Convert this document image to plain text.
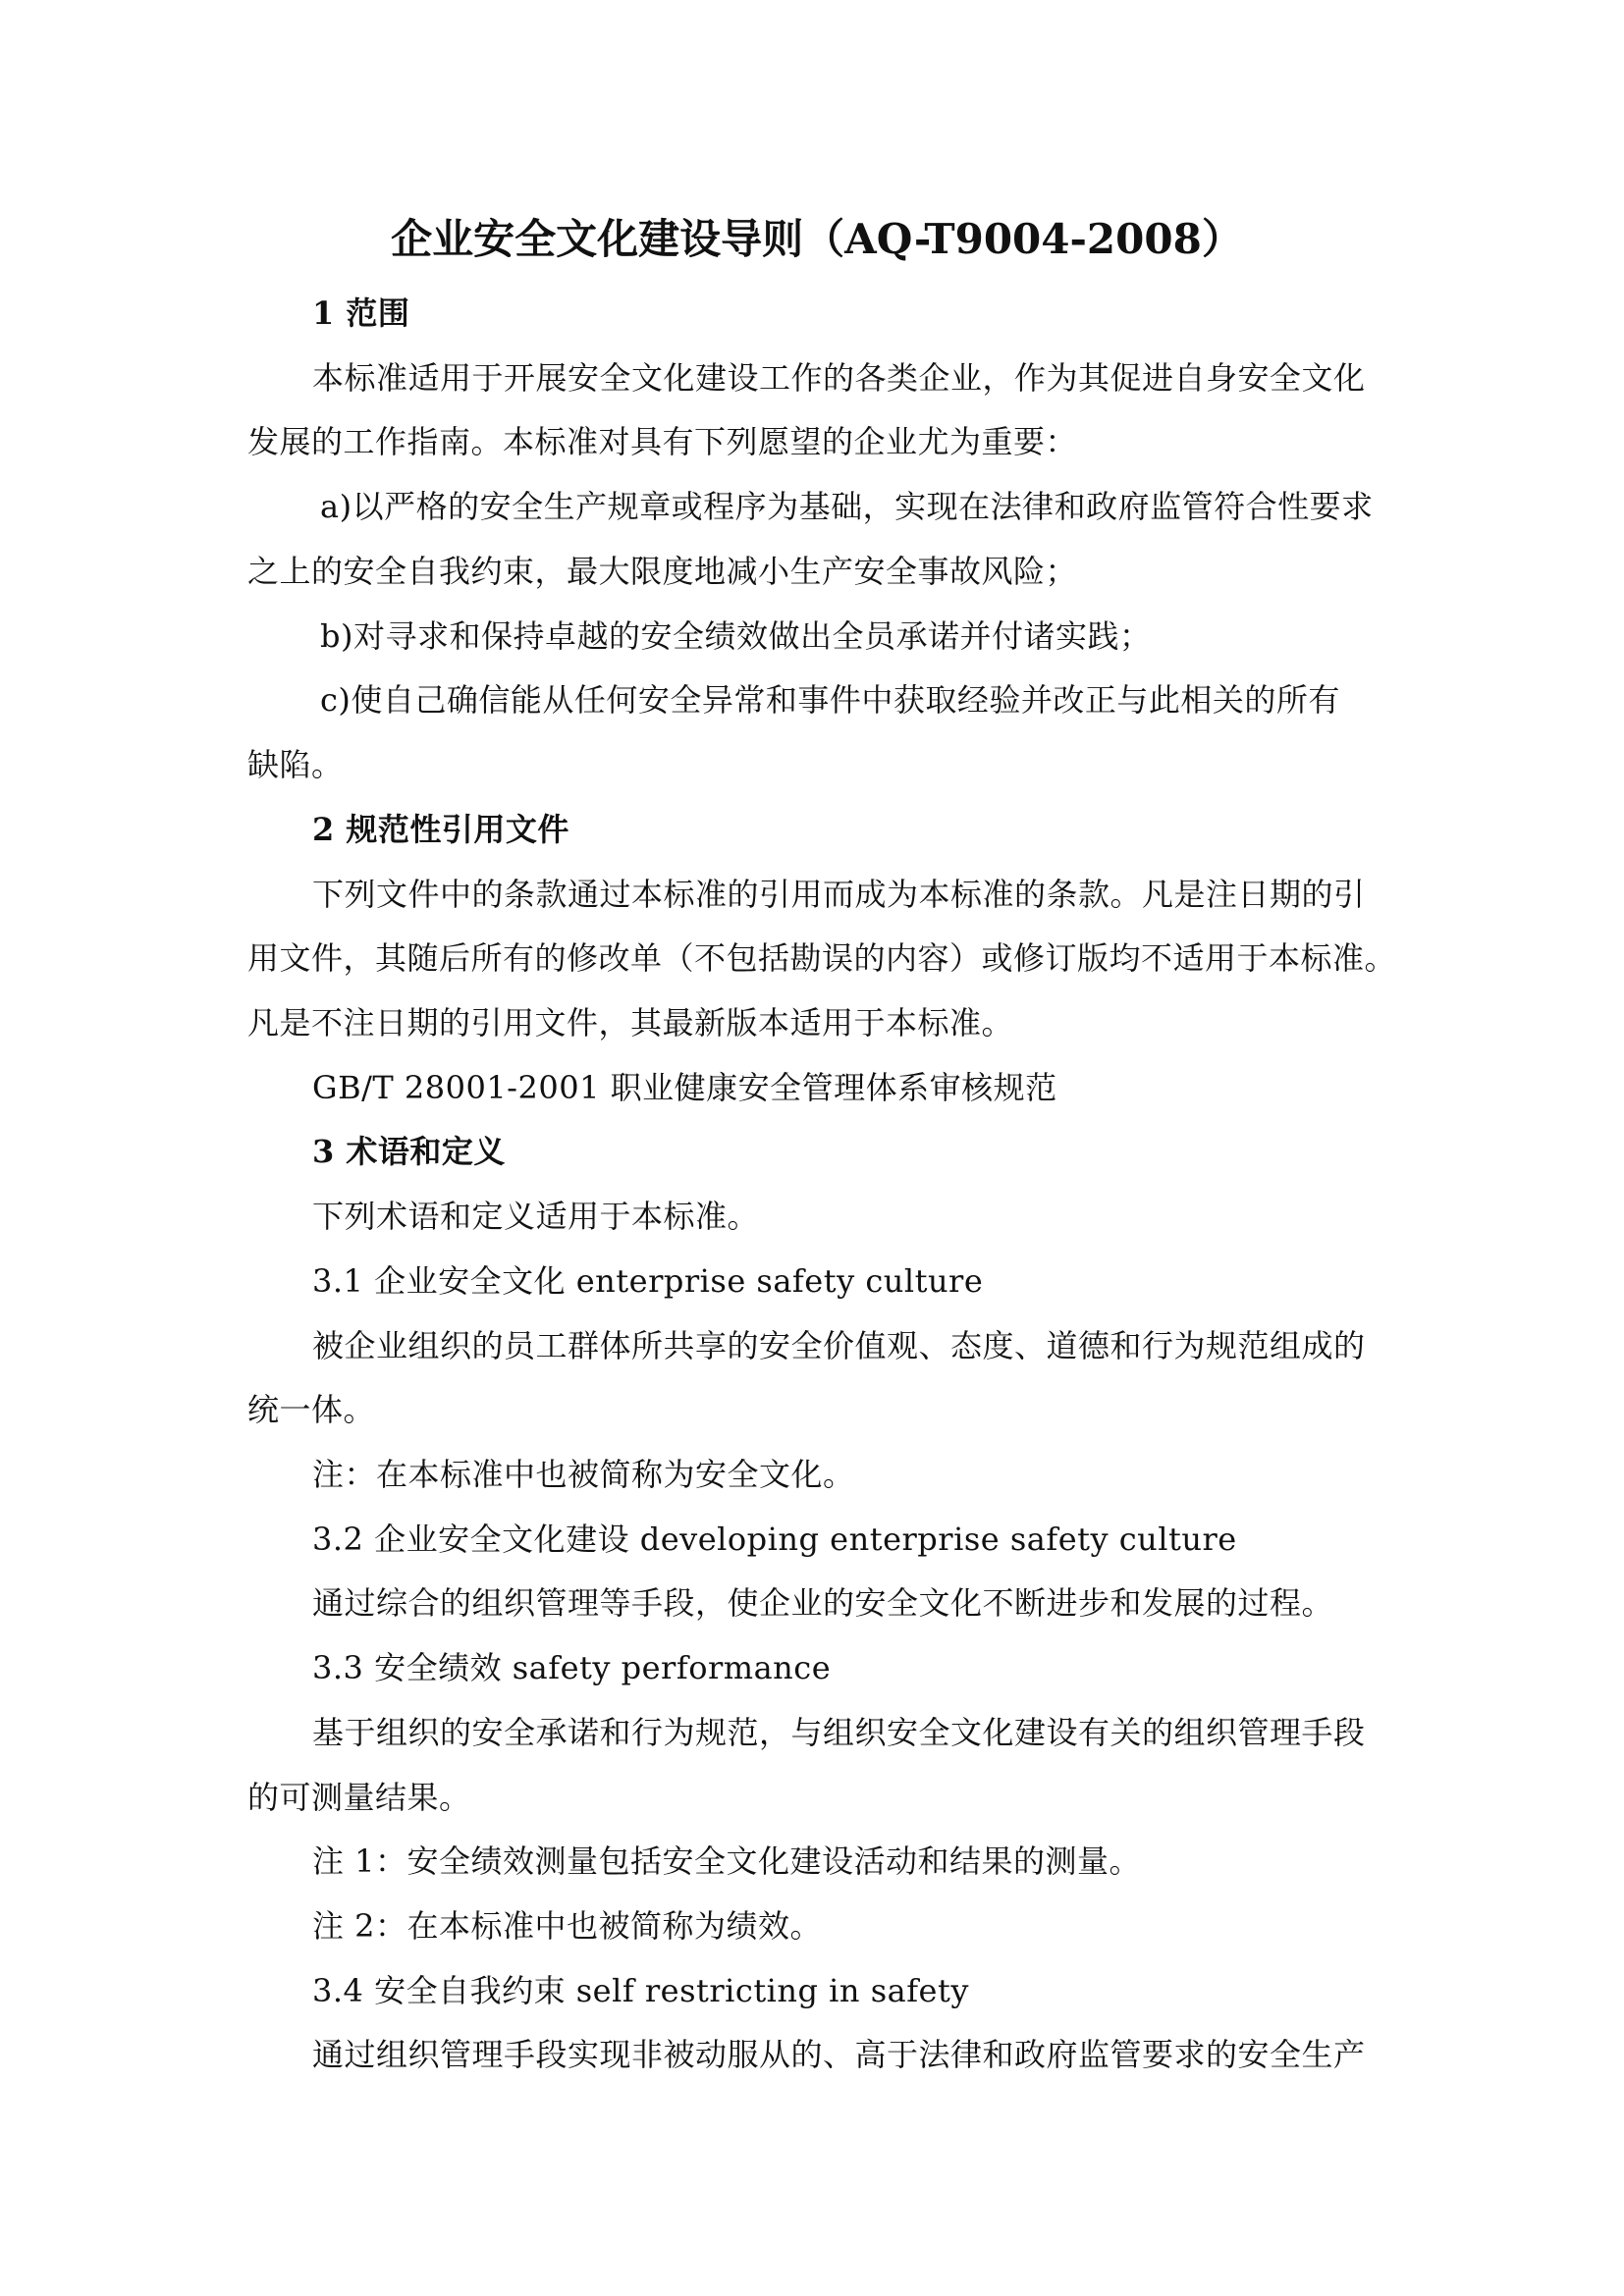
企业安全文化建设导则（AQ-T9004-2008）
1 范围
本标准适用于开展安全文化建设工作的各类企业，作为其促进自身安全文化
发展的工作指南。本标准对具有下列愿望的企业尤为重要：
a)以严格的安全生产规章或程序为基础，实现在法律和政府监管符合性要求
之上的安全自我约束，最大限度地减小生产安全事故风险；
b)对寻求和保持卓越的安全绩效做出全员承诺并付诸实践；
c)使自己确信能从任何安全异常和事件中获取经验并改正与此相关的所有
缺陷。
2 规范性引用文件
下列文件中的条款通过本标准的引用而成为本标准的条款。凡是注日期的引
用文件，其随后所有的修改单（不包括勘误的内容）或修订版均不适用于本标准。
凡是不注日期的引用文件，其最新版本适用于本标准。
GB/T 28001-2001 职业健康安全管理体系审核规范
3 术语和定义
下列术语和定义适用于本标准。
3.1 企业安全文化 enterprise safety culture
被企业组织的员工群体所共享的安全价值观、态度、道德和行为规范组成的
统一体。
注：在本标准中也被简称为安全文化。
3.2 企业安全文化建设 developing enterprise safety culture
通过综合的组织管理等手段，使企业的安全文化不断进步和发展的过程。
3.3 安全绩效 safety performance
基于组织的安全承诺和行为规范，与组织安全文化建设有关的组织管理手段
的可测量结果。
注 1：安全绩效测量包括安全文化建设活动和结果的测量。
注 2：在本标准中也被简称为绩效。
3.4 安全自我约束 self restricting in safety
通过组织管理手段实现非被动服从的、高于法律和政府监管要求的安全生产
